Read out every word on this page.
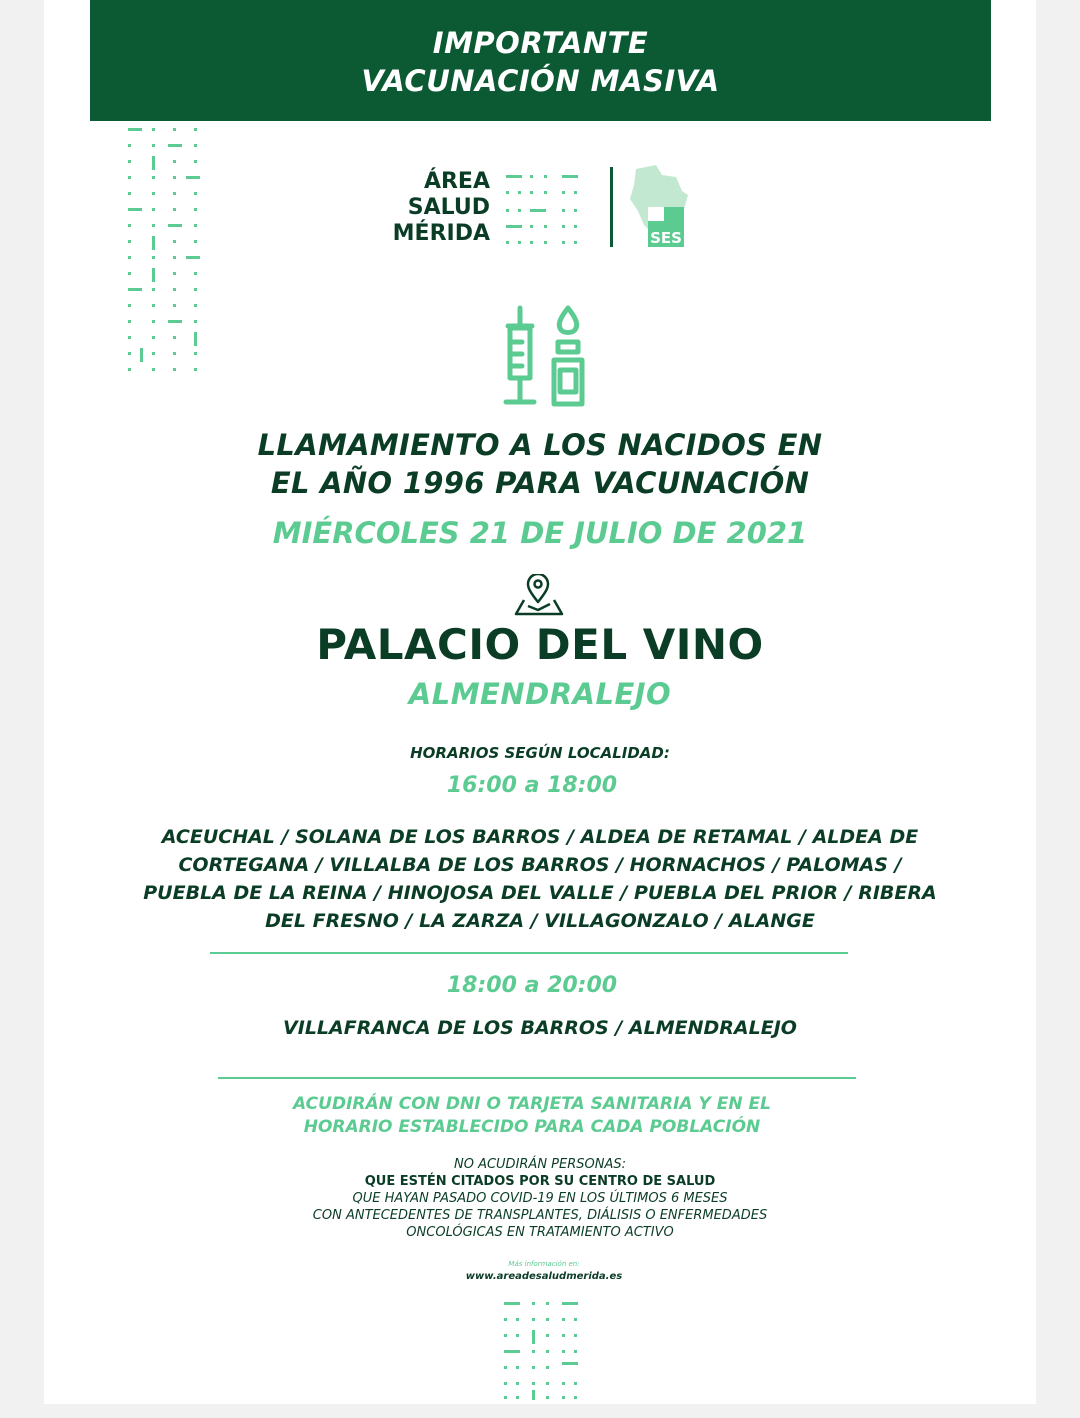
IMPORTANTE
VACUNACIÓN MASIVA
ÁREA
SALUD
MÉRIDA	SES
LLAMAMIENTO A LOS NACIDOS EN
EL AÑO 1996 PARA VACUNACIÓN
MIÉRCOLES 21 DE JULIO DE 2021
PALACIO DEL VINO
ALMENDRALEJO
HORARIOS SEGÚN LOCALIDAD:
16:00 a 18:00
ACEUCHAL / SOLANA DE LOS BARROS / ALDEA DE RETAMAL / ALDEA DE
CORTEGANA / VILLALBA DE LOS BARROS / HORNACHOS / PALOMAS /
PUEBLA DE LA REINA / HINOJOSA DEL VALLE / PUEBLA DEL PRIOR / RIBERA
DEL FRESNO / LA ZARZA / VILLAGONZALO / ALANGE
18:00 a 20:00
VILLAFRANCA DE LOS BARROS / ALMENDRALEJO
ACUDIRÁN CON DNI O TARJETA SANITARIA Y EN EL
HORARIO ESTABLECIDO PARA CADA POBLACIÓN
NO ACUDIRÁN PERSONAS:
QUE ESTÉN CITADOS POR SU CENTRO DE SALUD
QUE HAYAN PASADO COVID-19 EN LOS ÚLTIMOS 6 MESES
CON ANTECEDENTES DE TRANSPLANTES, DIÁLISIS O ENFERMEDADES
ONCOLÓGICAS EN TRATAMIENTO ACTIVO
Más información en:
www.areadesaludmerida.es
